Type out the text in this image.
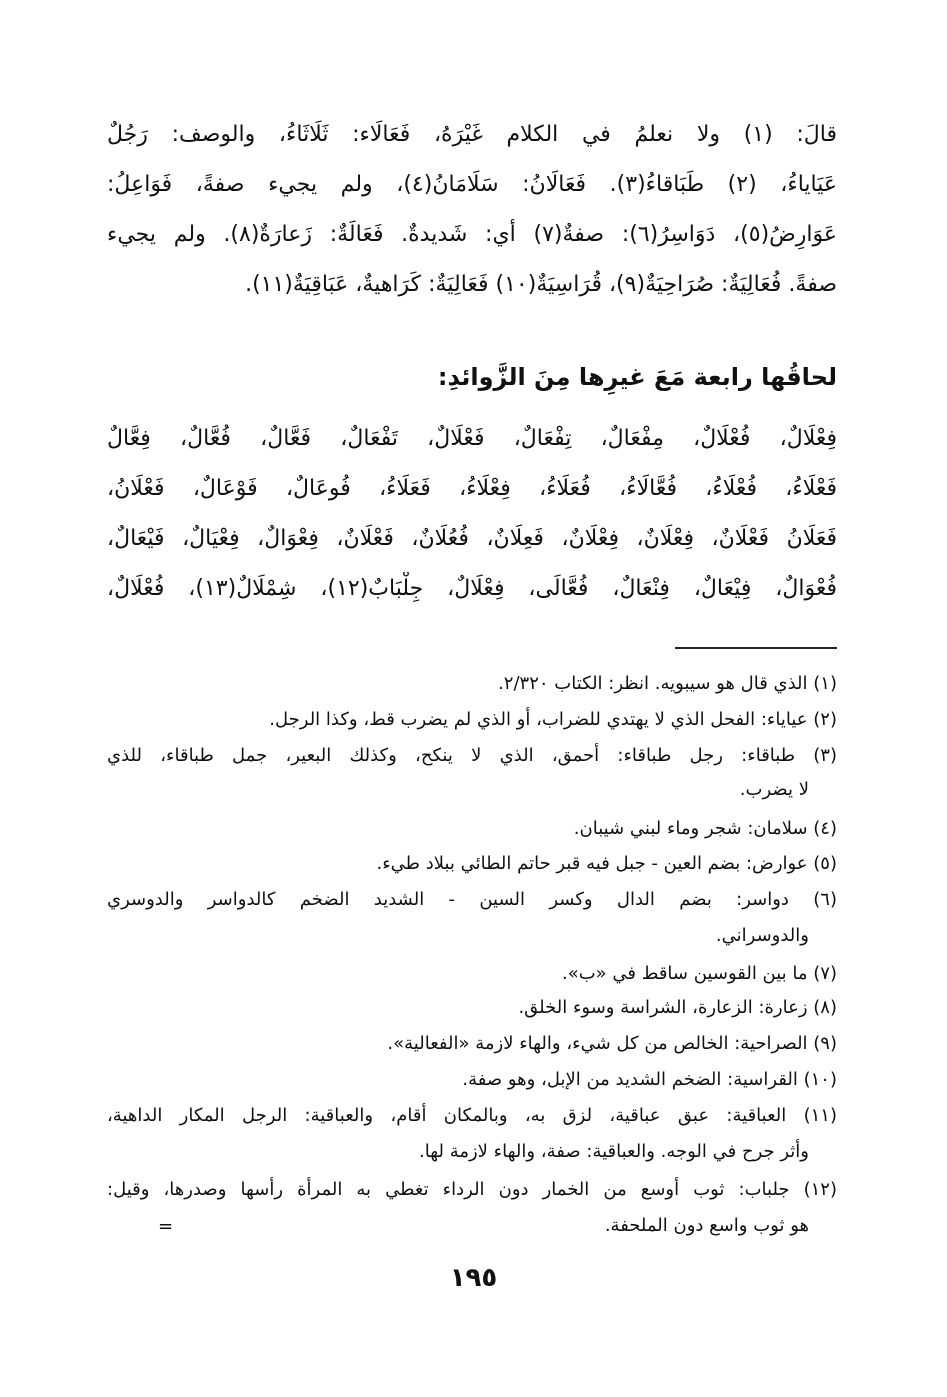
قالَ: (١) ولا نعلمُ في الكلام غَيْرَهُ، فَعَالَاء: ثَلَاثَاءُ، والوصف: رَجُلٌ
عَيَاياءُ، (٢) طَبَاقاءُ(٣). فَعَالَانُ: سَلَامَانُ(٤)، ولم يجيء صفةً، فَوَاعِلُ:
عَوَارِضُ(٥)، دَوَاسِرُ(٦): صفةٌ(٧) أي: شَديدةٌ. فَعَالَةٌ: زَعارَةٌ(٨). ولم يجيء
صفةً. فُعَالِيَةٌ: صُرَاحِيَةٌ(٩)، قُرَاسِيَةٌ(١٠) فَعَالِيَةٌ: كَرَاهيةٌ، عَبَاقِيَةٌ(١١).
لحاقُها رابعة مَعَ غيرِها مِنَ الزَّوائدِ:
فِعْلَالٌ، فُعْلَالٌ، مِفْعَالٌ، تِفْعَالٌ، فَعْلَالٌ، تَفْعَالٌ، فَعَّالٌ، فُعَّالٌ، فِعَّالٌ
فَعْلَاءُ، فُعْلَاءُ، فُعَّالَاءُ، فُعَلَاءُ، فِعْلَاءُ، فَعَلَاءُ، فُوعَالٌ، فَوْعَالٌ، فَعْلَانُ،
فَعَلَانُ فَعْلَانٌ، فِعْلَانٌ، فِعْلَانٌ، فَعِلَانٌ، فُعُلَانٌ، فَعْلَانٌ، فِعْوَالٌ، فِعْيَالٌ، فَيْعَالٌ،
فُعْوَالٌ، فِيْعَالٌ، فِنْعَالٌ، فُعَّالَى، فِعْلَالٌ، جِلْبَابٌ(١٢)، شِمْلَالٌ(١٣)، فُعْلَالٌ،
(١) الذي قال هو سيبويه. انظر: الكتاب ٢/٣٢٠.
(٢) عياياء: الفحل الذي لا يهتدي للضراب، أو الذي لم يضرب قط، وكذا الرجل.
(٣) طباقاء: رجل طباقاء: أحمق، الذي لا ينكح، وكذلك البعير، جمل طباقاء، للذي
لا يضرب.
(٤) سلامان: شجر وماء لبني شيبان.
(٥) عوارض: بضم العين - جبل فيه قبر حاتم الطائي ببلاد طيء.
(٦) دواسر: بضم الدال وكسر السين - الشديد الضخم كالدواسر والدوسري
والدوسراني.
(٧) ما بين القوسين ساقط في «ب».
(٨) زعارة: الزعارة، الشراسة وسوء الخلق.
(٩) الصراحية: الخالص من كل شيء، والهاء لازمة «الفعالية».
(١٠) القراسية: الضخم الشديد من الإبل، وهو صفة.
(١١) العباقية: عبق عباقية، لزق به، وبالمكان أقام، والعباقية: الرجل المكار الداهية،
وأثر جرح في الوجه. والعباقية: صفة، والهاء لازمة لها.
(١٢) جلباب: ثوب أوسع من الخمار دون الرداء تغطي به المرأة رأسها وصدرها، وقيل:
هو ثوب واسع دون الملحفة.
=
١٩٥
